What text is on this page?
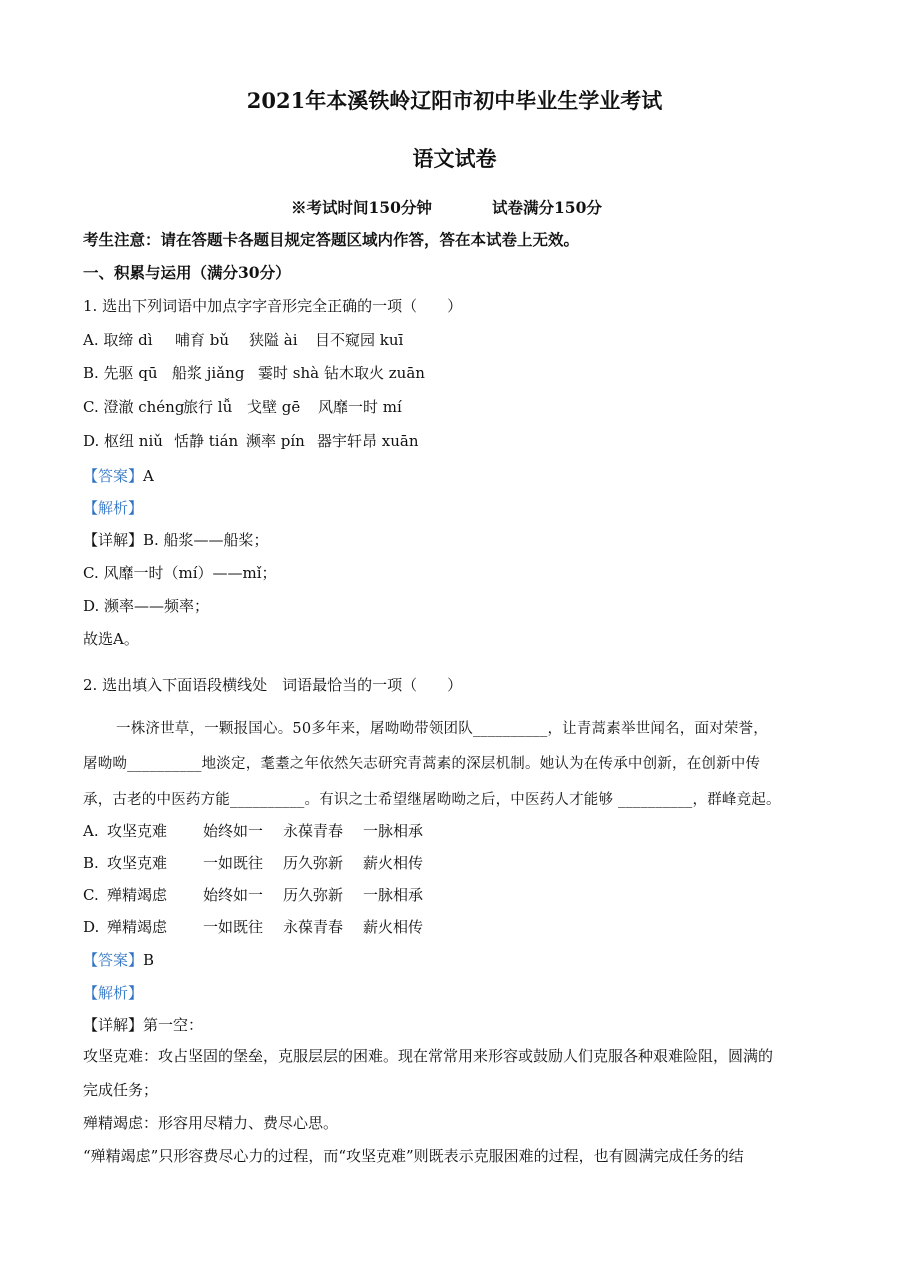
2021年本溪铁岭辽阳市初中毕业生学业考试
语文试卷
※考试时间150分钟	试卷满分150分
考生注意：请在答题卡各题目规定答题区域内作答，答在本试卷上无效。
一、积累与运用（满分30分）
1. 选出下列词语中加点字字音形完全正确的一项（　　）
A. 取缔 dì 哺育 bǔ 狭隘 ài 目不窥园 kuī
B. 先驱 qū 船浆 jiǎng 霎时 shà 钻木取火 zuān
C. 澄澈 chéng旅行 lǚ 戈壁 gē 风靡一时 mí
D. 枢纽 niǔ 恬静 tián 濒率 pín 器宇轩昂 xuān
【答案】A
【解析】
【详解】B. 船浆——船桨；
C. 风靡一时（mí）——mǐ；
D. 濒率——频率；
故选A。
2. 选出填入下面语段横线处　词语最恰当的一项（　　）
一株济世草，一颗报国心。50多年来，屠呦呦带领团队__________，让青蒿素举世闻名，面对荣誉，
屠呦呦__________地淡定，耄耋之年依然矢志研究青蒿素的深层机制。她认为在传承中创新，在创新中传
承，古老的中医药方能__________。有识之士希望继屠呦呦之后，中医药人才能够 __________，群峰竞起。
A. 攻坚克难 始终如一 永葆青春 一脉相承
B. 攻坚克难 一如既往 历久弥新 薪火相传
C. 殚精竭虑 始终如一 历久弥新 一脉相承
D. 殚精竭虑 一如既往 永葆青春 薪火相传
【答案】B
【解析】
【详解】第一空：
攻坚克难：攻占坚固的堡垒，克服层层的困难。现在常常用来形容或鼓励人们克服各种艰难险阻，圆满的
完成任务；
殚精竭虑：形容用尽精力、费尽心思。
“殚精竭虑”只形容费尽心力的过程，而“攻坚克难”则既表示克服困难的过程，也有圆满完成任务的结
